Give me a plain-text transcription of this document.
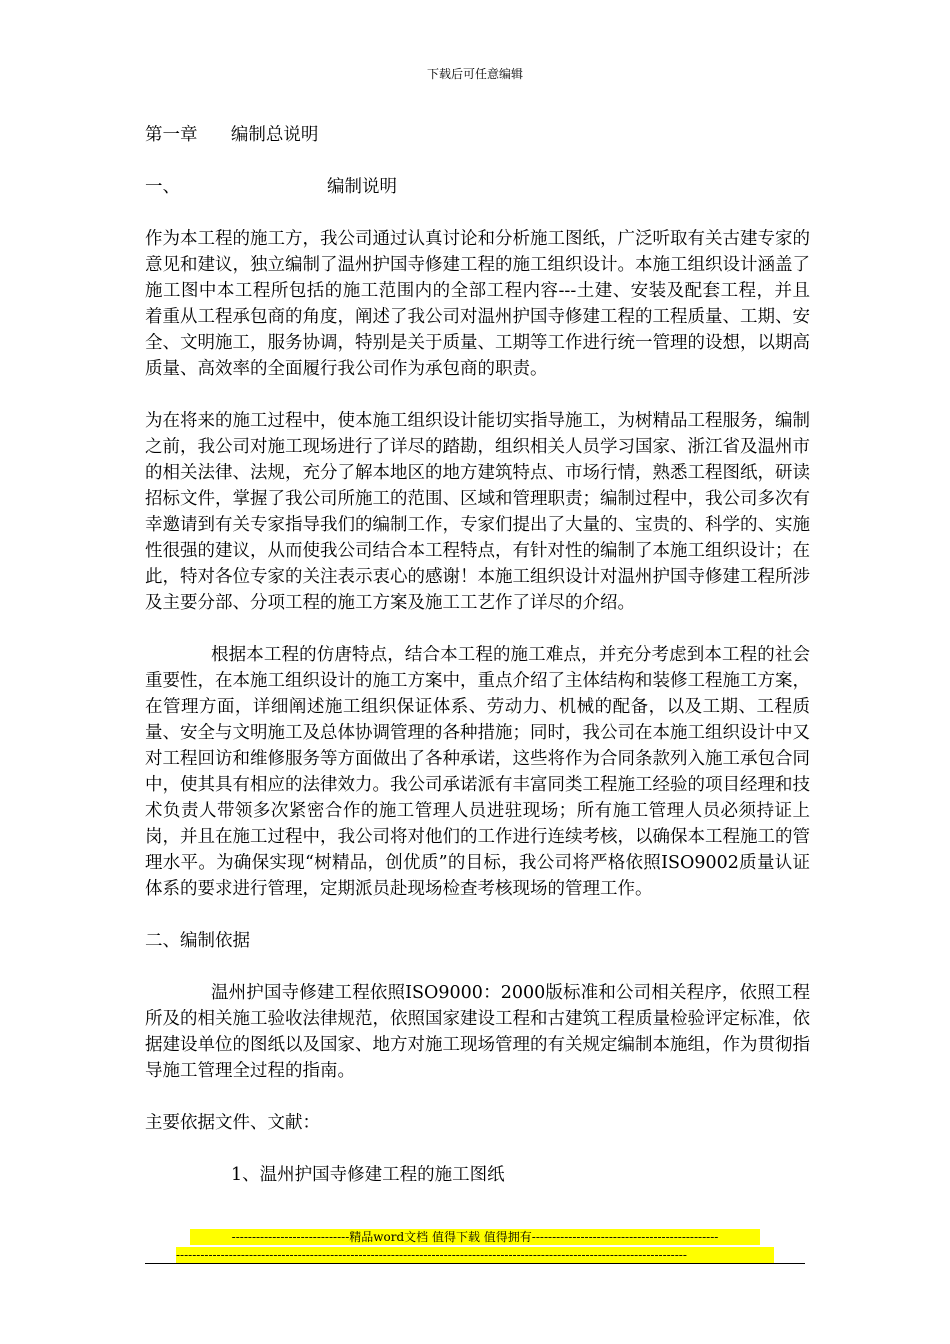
下载后可任意编辑

第一章      编制总说明

一、	编制说明

作为本工程的施工方，我公司通过认真讨论和分析施工图纸，广泛听取有关古建专家的意见和建议，独立编制了温州护国寺修建工程的施工组织设计。本施工组织设计涵盖了施工图中本工程所包括的施工范围内的全部工程内容---土建、安装及配套工程，并且着重从工程承包商的角度，阐述了我公司对温州护国寺修建工程的工程质量、工期、安全、文明施工，服务协调，特别是关于质量、工期等工作进行统一管理的设想，以期高质量、高效率的全面履行我公司作为承包商的职责。

为在将来的施工过程中，使本施工组织设计能切实指导施工，为树精品工程服务，编制之前，我公司对施工现场进行了详尽的踏勘，组织相关人员学习国家、浙江省及温州市的相关法律、法规，充分了解本地区的地方建筑特点、市场行情，熟悉工程图纸，研读招标文件，掌握了我公司所施工的范围、区域和管理职责；编制过程中，我公司多次有幸邀请到有关专家指导我们的编制工作，专家们提出了大量的、宝贵的、科学的、实施性很强的建议，从而使我公司结合本工程特点，有针对性的编制了本施工组织设计；在此，特对各位专家的关注表示衷心的感谢！本施工组织设计对温州护国寺修建工程所涉及主要分部、分项工程的施工方案及施工工艺作了详尽的介绍。

根据本工程的仿唐特点，结合本工程的施工难点，并充分考虑到本工程的社会重要性，在本施工组织设计的施工方案中，重点介绍了主体结构和装修工程施工方案，在管理方面，详细阐述施工组织保证体系、劳动力、机械的配备，以及工期、工程质量、安全与文明施工及总体协调管理的各种措施；同时，我公司在本施工组织设计中又对工程回访和维修服务等方面做出了各种承诺，这些将作为合同条款列入施工承包合同中，使其具有相应的法律效力。我公司承诺派有丰富同类工程施工经验的项目经理和技术负责人带领多次紧密合作的施工管理人员进驻现场；所有施工管理人员必须持证上岗，并且在施工过程中，我公司将对他们的工作进行连续考核，以确保本工程施工的管理水平。为确保实现“树精品，创优质”的目标，我公司将严格依照ISO9002质量认证体系的要求进行管理，定期派员赴现场检查考核现场的管理工作。

二、编制依据

温州护国寺修建工程依照ISO9000：2000版标准和公司相关程序，依照工程所及的相关施工验收法律规范，依照国家建设工程和古建筑工程质量检验评定标准，依据建设单位的图纸以及国家、地方对施工现场管理的有关规定编制本施组，作为贯彻指导施工管理全过程的指南。

主要依据文件、文献：

1、温州护国寺修建工程的施工图纸

-----------------------------精品word文档 值得下载 值得拥有----------------------------------------------
------------------------------------------------------------------------------------------------------------------------------
